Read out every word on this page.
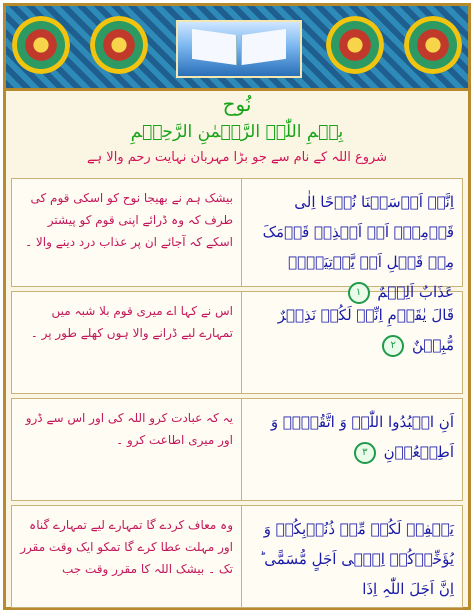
نُوح
بِسۡمِ اللّٰہِ الرَّحۡمٰنِ الرَّحِیۡمِ
شروع اللہ کے نام سے جو بڑا مہربان نہایت رحم والا ہے
بیشک ہم نے بھیجا نوح کو اسکی قوم کی طرف کہ وہ ڈرائے اپنی قوم کو پیشتر اسکے کہ آجائے ان پر عذاب درد دینے والا ۔
اِنَّاۤ اَرۡسَلۡنَا نُوۡحًا اِلٰی قَوۡمِہٖۤ اَنۡ اَنۡذِرۡ قَوۡمَکَ مِنۡ قَبۡلِ اَنۡ یَّاۡتِیَہُمۡ عَذَابٌ اَلِیۡمٌ ١
اس نے کہا اے میری قوم بلا شبہ میں تمہارے لیے ڈرانے والا ہوں کھلے طور پر ۔
قَالَ یٰقَوۡمِ اِنِّیۡ لَکُمۡ نَذِیۡرٌ مُّبِیۡنٌ ٢
یہ کہ عبادت کرو اللہ کی اور اس سے ڈرو اور میری اطاعت کرو ۔
اَنِ اعۡبُدُوا اللّٰہَ وَ اتَّقُوۡہُ وَ اَطِیۡعُوۡنِ ٣
وہ معاف کردے گا تمہارے لیے تمہارے گناہ اور مہلت عطا کرے گا تمکو ایک وقت مقرر تک ۔ بیشک اللہ کا مقرر وقت جب
یَغۡفِرۡ لَکُمۡ مِّنۡ ذُنُوۡبِکُمۡ وَ یُؤَخِّرۡکُمۡ اِلٰۤی اَجَلٍ مُّسَمًّی ؕ اِنَّ اَجَلَ اللّٰہِ اِذَا
